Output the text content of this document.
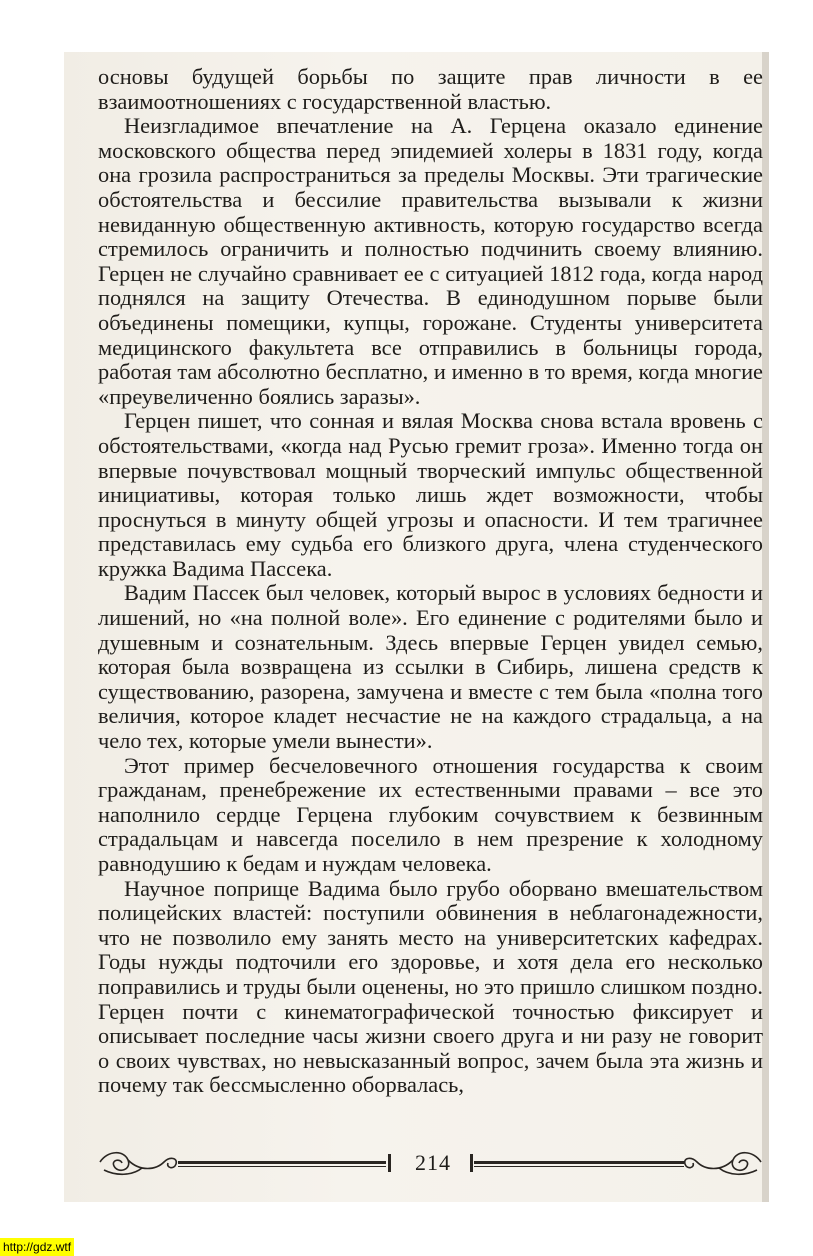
основы будущей борьбы по защите прав личности в ее взаимоотношениях с государственной властью.

Неизгладимое впечатление на А. Герцена оказало единение московского общества перед эпидемией холеры в 1831 году, когда она грозила распространиться за пределы Москвы. Эти трагические обстоятельства и бессилие правительства вызывали к жизни невиданную общественную активность, которую государство всегда стремилось ограничить и полностью подчинить своему влиянию. Герцен не случайно сравнивает ее с ситуацией 1812 года, когда народ поднялся на защиту Отечества. В единодушном порыве были объединены помещики, купцы, горожане. Студенты университета медицинского факультета все отправились в больницы города, работая там абсолютно бесплатно, и именно в то время, когда многие «преувеличенно боялись заразы».

Герцен пишет, что сонная и вялая Москва снова встала вровень с обстоятельствами, «когда над Русью гремит гроза». Именно тогда он впервые почувствовал мощный творческий импульс общественной инициативы, которая только лишь ждет возможности, чтобы проснуться в минуту общей угрозы и опасности. И тем трагичнее представилась ему судьба его близкого друга, члена студенческого кружка Вадима Пассека.

Вадим Пассек был человек, который вырос в условиях бедности и лишений, но «на полной воле». Его единение с родителями было и душевным и сознательным. Здесь впервые Герцен увидел семью, которая была возвращена из ссылки в Сибирь, лишена средств к существованию, разорена, замучена и вместе с тем была «полна того величия, которое кладет несчастие не на каждого страдальца, а на чело тех, которые умели вынести».

Этот пример бесчеловечного отношения государства к своим гражданам, пренебрежение их естественными правами – все это наполнило сердце Герцена глубоким сочувствием к безвинным страдальцам и навсегда поселило в нем презрение к холодному равнодушию к бедам и нуждам человека.

Научное поприще Вадима было грубо оборвано вмешательством полицейских властей: поступили обвинения в неблагонадежности, что не позволило ему занять место на университетских кафедрах. Годы нужды подточили его здоровье, и хотя дела его несколько поправились и труды были оценены, но это пришло слишком поздно. Герцен почти с кинематографической точностью фиксирует и описывает последние часы жизни своего друга и ни разу не говорит о своих чувствах, но невысказанный вопрос, зачем была эта жизнь и почему так бессмысленно оборвалась,

214
http://gdz.wtf
